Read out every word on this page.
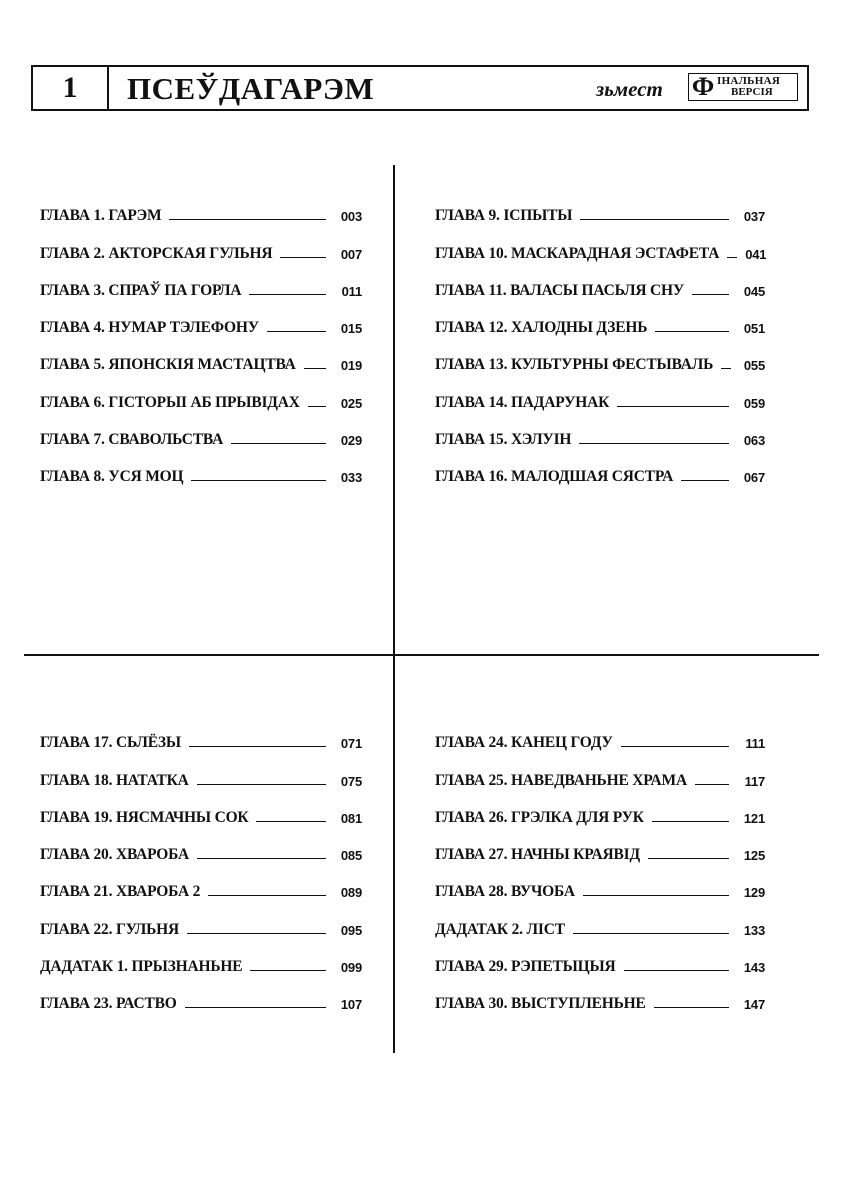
1	ПСЕЎДАГАРЭМ	зьмест Ф ІНАЛЬНАЯ
ВЕРСІЯ
ГЛАВА 1. ГАРЭМ	003
ГЛАВА 2. АКТОРСКАЯ ГУЛЬНЯ	007
ГЛАВА 3. СПРАЎ ПА ГОРЛА	011
ГЛАВА 4. НУМАР ТЭЛЕФОНУ	015
ГЛАВА 5. ЯПОНСКІЯ МАСТАЦТВА	019
ГЛАВА 6. ГІСТОРЫІ АБ ПРЫВІДАХ	025
ГЛАВА 7. СВАВОЛЬСТВА	029
ГЛАВА 8. УСЯ МОЦ	033
ГЛАВА 9. ІСПЫТЫ	037
ГЛАВА 10. МАСКАРАДНАЯ ЭСТАФЕТА 041
ГЛАВА 11. ВАЛАСЫ ПАСЬЛЯ СНУ	045
ГЛАВА 12. ХАЛОДНЫ ДЗЕНЬ	051
ГЛАВА 13. КУЛЬТУРНЫ ФЕСТЫВАЛЬ	055
ГЛАВА 14. ПАДАРУНАК	059
ГЛАВА 15. ХЭЛУІН	063
ГЛАВА 16. МАЛОДШАЯ СЯСТРА	067
ГЛАВА 17. СЬЛЁЗЫ	071
ГЛАВА 18. НАТАТКА	075
ГЛАВА 19. НЯСМАЧНЫ СОК	081
ГЛАВА 20. ХВАРОБА	085
ГЛАВА 21. ХВАРОБА 2	089
ГЛАВА 22. ГУЛЬНЯ	095
ДАДАТАК 1. ПРЫЗНАНЬНЕ	099
ГЛАВА 23. РАСТВО	107
ГЛАВА 24. КАНЕЦ ГОДУ	111
ГЛАВА 25. НАВЕДВАНЬНЕ ХРАМА	117
ГЛАВА 26. ГРЭЛКА ДЛЯ РУК	121
ГЛАВА 27. НАЧНЫ КРАЯВІД	125
ГЛАВА 28. ВУЧОБА	129
ДАДАТАК 2. ЛІСТ	133
ГЛАВА 29. РЭПЕТЫЦЫЯ	143
ГЛАВА 30. ВЫСТУПЛЕНЬНЕ	147
